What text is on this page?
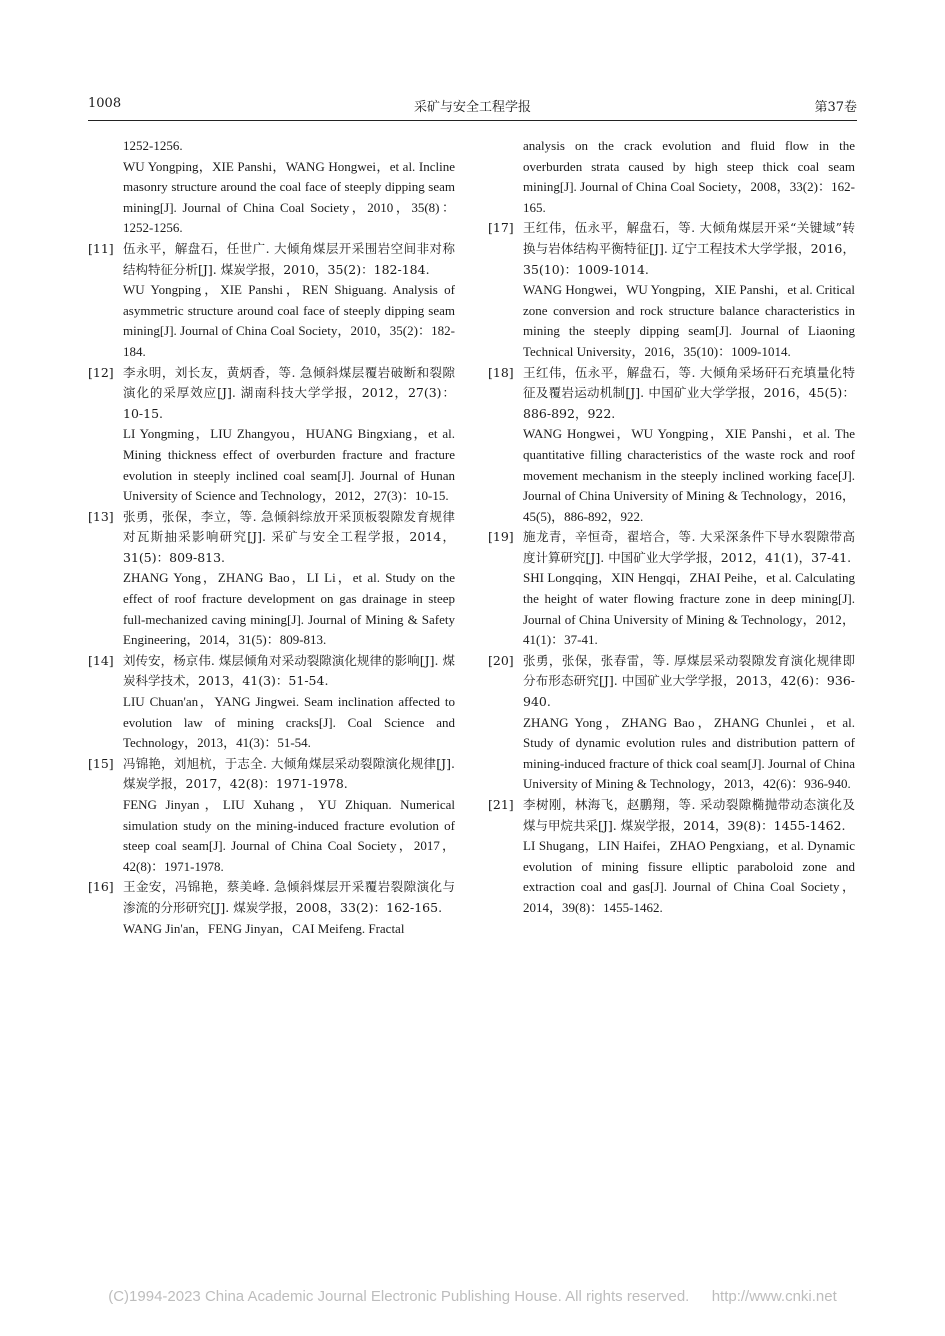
1008	采矿与安全工程学报	第37卷

1252-1256.

WU Yongping，XIE Panshi，WANG Hongwei，et al. Incline masonry structure around the coal face of steeply dipping seam mining[J]. Journal of China Coal Society，2010，35(8)：1252-1256.

[11] 伍永平，解盘石，任世广. 大倾角煤层开采围岩空间非对称结构特征分析[J]. 煤炭学报，2010，35(2)：182-184.

WU Yongping，XIE Panshi，REN Shiguang. Analysis of asymmetric structure around coal face of steeply dipping seam mining[J]. Journal of China Coal Society，2010，35(2)：182-184.

[12] 李永明，刘长友，黄炳香，等. 急倾斜煤层覆岩破断和裂隙演化的采厚效应[J]. 湖南科技大学学报，2012，27(3)：10-15.

LI Yongming，LIU Zhangyou，HUANG Bingxiang，et al. Mining thickness effect of overburden fracture and fracture evolution in steeply inclined coal seam[J]. Journal of Hunan University of Science and Technology，2012，27(3)：10-15.

[13] 张勇，张保，李立，等. 急倾斜综放开采顶板裂隙发育规律对瓦斯抽采影响研究[J]. 采矿与安全工程学报，2014，31(5)：809-813.

ZHANG Yong，ZHANG Bao，LI Li，et al. Study on the effect of roof fracture development on gas drainage in steep full-mechanized caving mining[J]. Journal of Mining & Safety Engineering，2014，31(5)：809-813.

[14] 刘传安，杨京伟. 煤层倾角对采动裂隙演化规律的影响[J]. 煤炭科学技术，2013，41(3)：51-54.

LIU Chuan'an，YANG Jingwei. Seam inclination affected to evolution law of mining cracks[J]. Coal Science and Technology，2013，41(3)：51-54.

[15] 冯锦艳，刘旭杭，于志全. 大倾角煤层采动裂隙演化规律[J]. 煤炭学报，2017，42(8)：1971-1978.

FENG Jinyan，LIU Xuhang，YU Zhiquan. Numerical simulation study on the mining-induced fracture evolution of steep coal seam[J]. Journal of China Coal Society，2017，42(8)：1971-1978.

[16] 王金安，冯锦艳，蔡美峰. 急倾斜煤层开采覆岩裂隙演化与渗流的分形研究[J]. 煤炭学报，2008，33(2)：162-165.

WANG Jin'an，FENG Jinyan，CAI Meifeng. Fractal

analysis on the crack evolution and fluid flow in the overburden strata caused by high steep thick coal seam mining[J]. Journal of China Coal Society，2008，33(2)：162-165.

[17] 王红伟，伍永平，解盘石，等. 大倾角煤层开采“关键域”转换与岩体结构平衡特征[J]. 辽宁工程技术大学学报，2016，35(10)：1009-1014.

WANG Hongwei，WU Yongping，XIE Panshi，et al. Critical zone conversion and rock structure balance characteristics in mining the steeply dipping seam[J]. Journal of Liaoning Technical University，2016，35(10)：1009-1014.

[18] 王红伟，伍永平，解盘石，等. 大倾角采场矸石充填量化特征及覆岩运动机制[J]. 中国矿业大学学报，2016，45(5)：886-892，922.

WANG Hongwei，WU Yongping，XIE Panshi，et al. The quantitative filling characteristics of the waste rock and roof movement mechanism in the steeply inclined working face[J]. Journal of China University of Mining & Technology，2016，45(5)，886-892，922.

[19] 施龙青，辛恒奇，翟培合，等. 大采深条件下导水裂隙带高度计算研究[J]. 中国矿业大学学报，2012，41(1)，37-41.

SHI Longqing，XIN Hengqi，ZHAI Peihe，et al. Calculating the height of water flowing fracture zone in deep mining[J]. Journal of China University of Mining & Technology，2012，41(1)：37-41.

[20] 张勇，张保，张春雷，等. 厚煤层采动裂隙发育演化规律即分布形态研究[J]. 中国矿业大学学报，2013，42(6)：936-940.

ZHANG Yong，ZHANG Bao，ZHANG Chunlei，et al. Study of dynamic evolution rules and distribution pattern of mining-induced fracture of thick coal seam[J]. Journal of China University of Mining & Technology，2013，42(6)：936-940.

[21] 李树刚，林海飞，赵鹏翔，等. 采动裂隙椭抛带动态演化及煤与甲烷共采[J]. 煤炭学报，2014，39(8)：1455-1462.

LI Shugang，LIN Haifei，ZHAO Pengxiang，et al. Dynamic evolution of mining fissure elliptic paraboloid zone and extraction coal and gas[J]. Journal of China Coal Society，2014，39(8)：1455-1462.

(C)1994-2023 China Academic Journal Electronic Publishing House. All rights reserved. http://www.cnki.net
